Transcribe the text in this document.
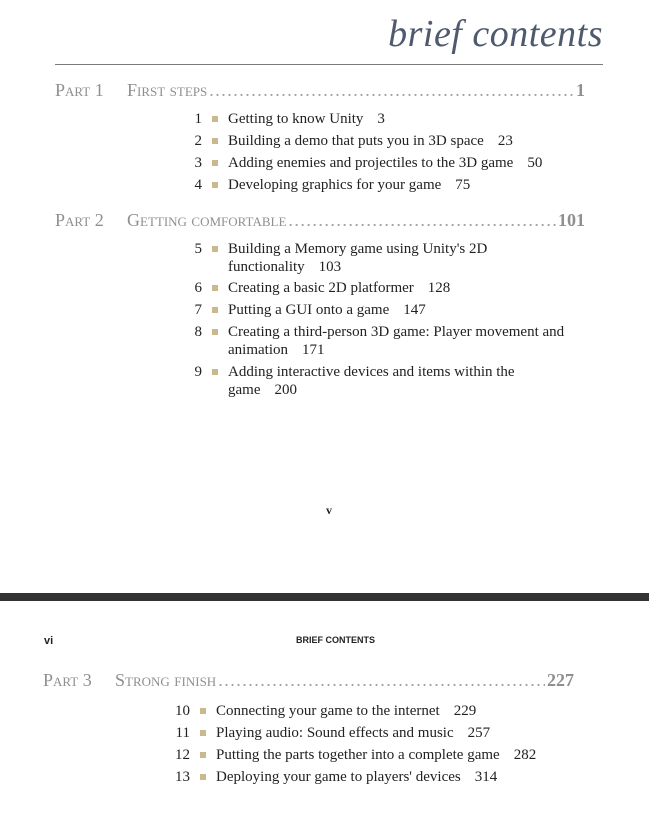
brief contents
Part 1	First steps . . .	1
1 Getting to know Unity 3
2 Building a demo that puts you in 3D space 23
3 Adding enemies and projectiles to the 3D game 50
4 Developing graphics for your game 75
Part 2	Getting comfortable . . .	101
5 Building a Memory game using Unity's 2D
functionality 103
6 Creating a basic 2D platformer 128
7 Putting a GUI onto a game 147
8 Creating a third-person 3D game: Player movement and
animation 171
9 Adding interactive devices and items within the
game 200
v
vi	BRIEF CONTENTS
Part 3	Strong finish . . .	227
10 Connecting your game to the internet 229
11 Playing audio: Sound effects and music 257
12 Putting the parts together into a complete game 282
13 Deploying your game to players' devices 314
